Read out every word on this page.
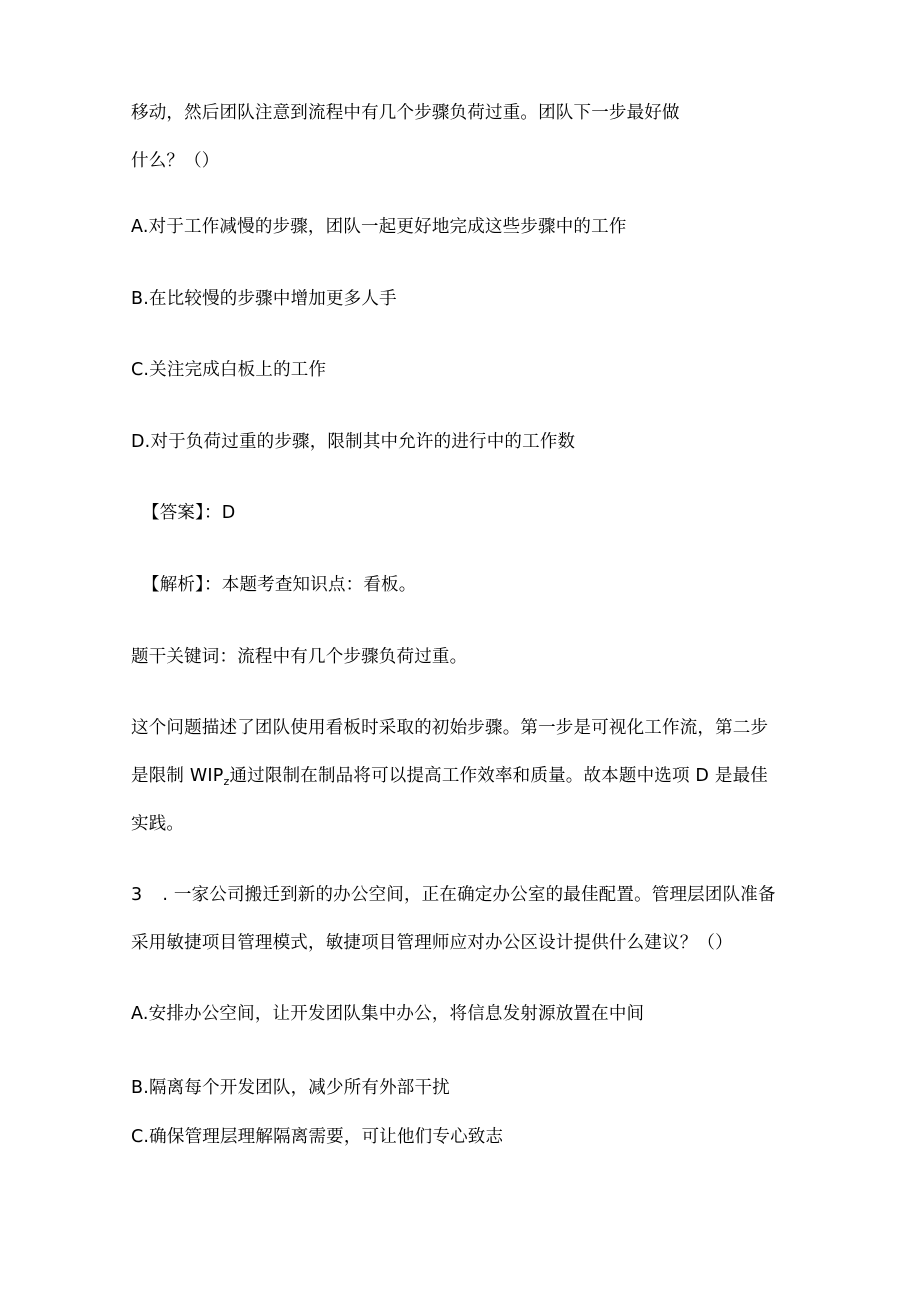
移动，然后团队注意到流程中有几个步骤负荷过重。团队下一步最好做
什么？（）
A.对于工作减慢的步骤，团队一起更好地完成这些步骤中的工作
B.在比较慢的步骤中增加更多人手
C.关注完成白板上的工作
D.对于负荷过重的步骤，限制其中允许的进行中的工作数
【答案】：D
【解析】：本题考查知识点：看板。
题干关键词：流程中有几个步骤负荷过重。
这个问题描述了团队使用看板时采取的初始步骤。第一步是可视化工作流，第二步
是限制 $WIP_z$通过限制在制品将可以提高工作效率和质量。故本题中选项 D 是最佳
实践。
3 . 一家公司搬迁到新的办公空间，正在确定办公室的最佳配置。管理层团队准备
采用敏捷项目管理模式，敏捷项目管理师应对办公区设计提供什么建议？（）
A.安排办公空间，让开发团队集中办公，将信息发射源放置在中间
B.隔离每个开发团队，减少所有外部干扰
C.确保管理层理解隔离需要，可让他们专心致志
